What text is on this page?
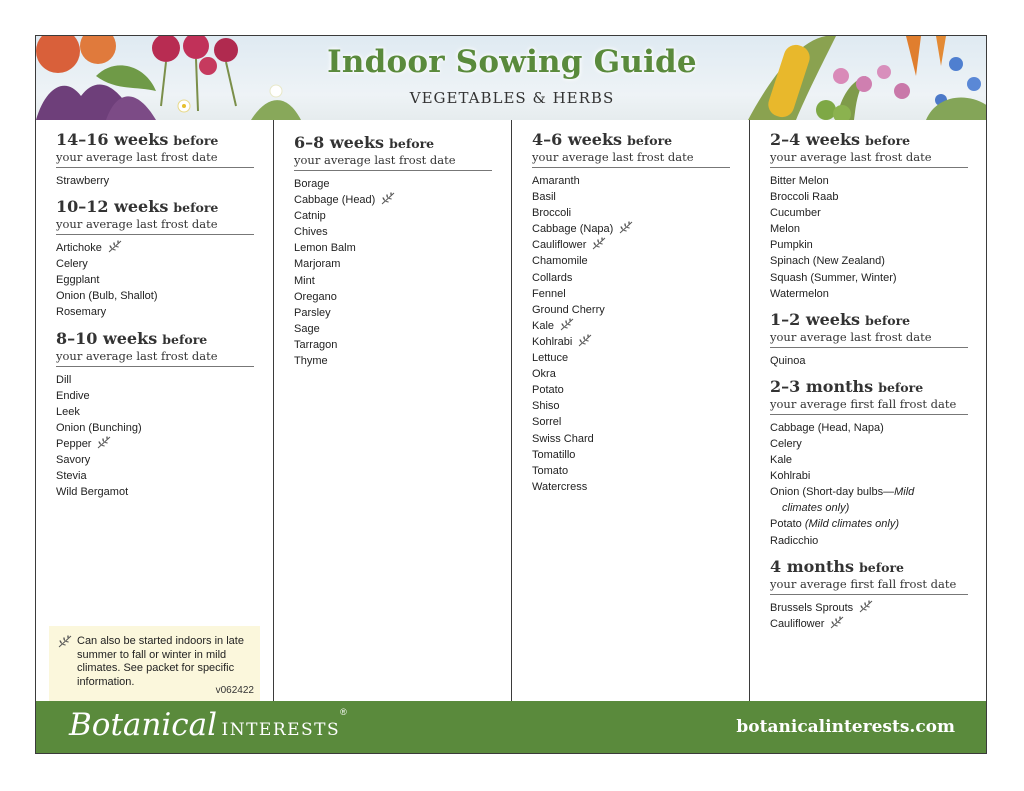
Indoor Sowing Guide
VEGETABLES & HERBS
14–16 weeks before
your average last frost date
Strawberry
10–12 weeks before
your average last frost date
Artichoke
Celery
Eggplant
Onion (Bulb, Shallot)
Rosemary
8–10 weeks before
your average last frost date
Dill
Endive
Leek
Onion (Bunching)
Pepper
Savory
Stevia
Wild Bergamot
Can also be started indoors in late summer to fall or winter in mild climates. See packet for specific information.
v062422
6–8 weeks before
your average last frost date
Borage
Cabbage (Head)
Catnip
Chives
Lemon Balm
Marjoram
Mint
Oregano
Parsley
Sage
Tarragon
Thyme
4–6 weeks before
your average last frost date
Amaranth
Basil
Broccoli
Cabbage (Napa)
Cauliflower
Chamomile
Collards
Fennel
Ground Cherry
Kale
Kohlrabi
Lettuce
Okra
Potato
Shiso
Sorrel
Swiss Chard
Tomatillo
Tomato
Watercress
2–4 weeks before
your average last frost date
Bitter Melon
Broccoli Raab
Cucumber
Melon
Pumpkin
Spinach (New Zealand)
Squash (Summer, Winter)
Watermelon
1–2 weeks before
your average last frost date
Quinoa
2–3 months before
your average first fall frost date
Cabbage (Head, Napa)
Celery
Kale
Kohlrabi
Onion (Short-day bulbs—Mild
climates only)
Potato (Mild climates only)
Radicchio
4 months before
your average first fall frost date
Brussels Sprouts
Cauliflower
Botanical INTERESTS®
botanicalinterests.com
